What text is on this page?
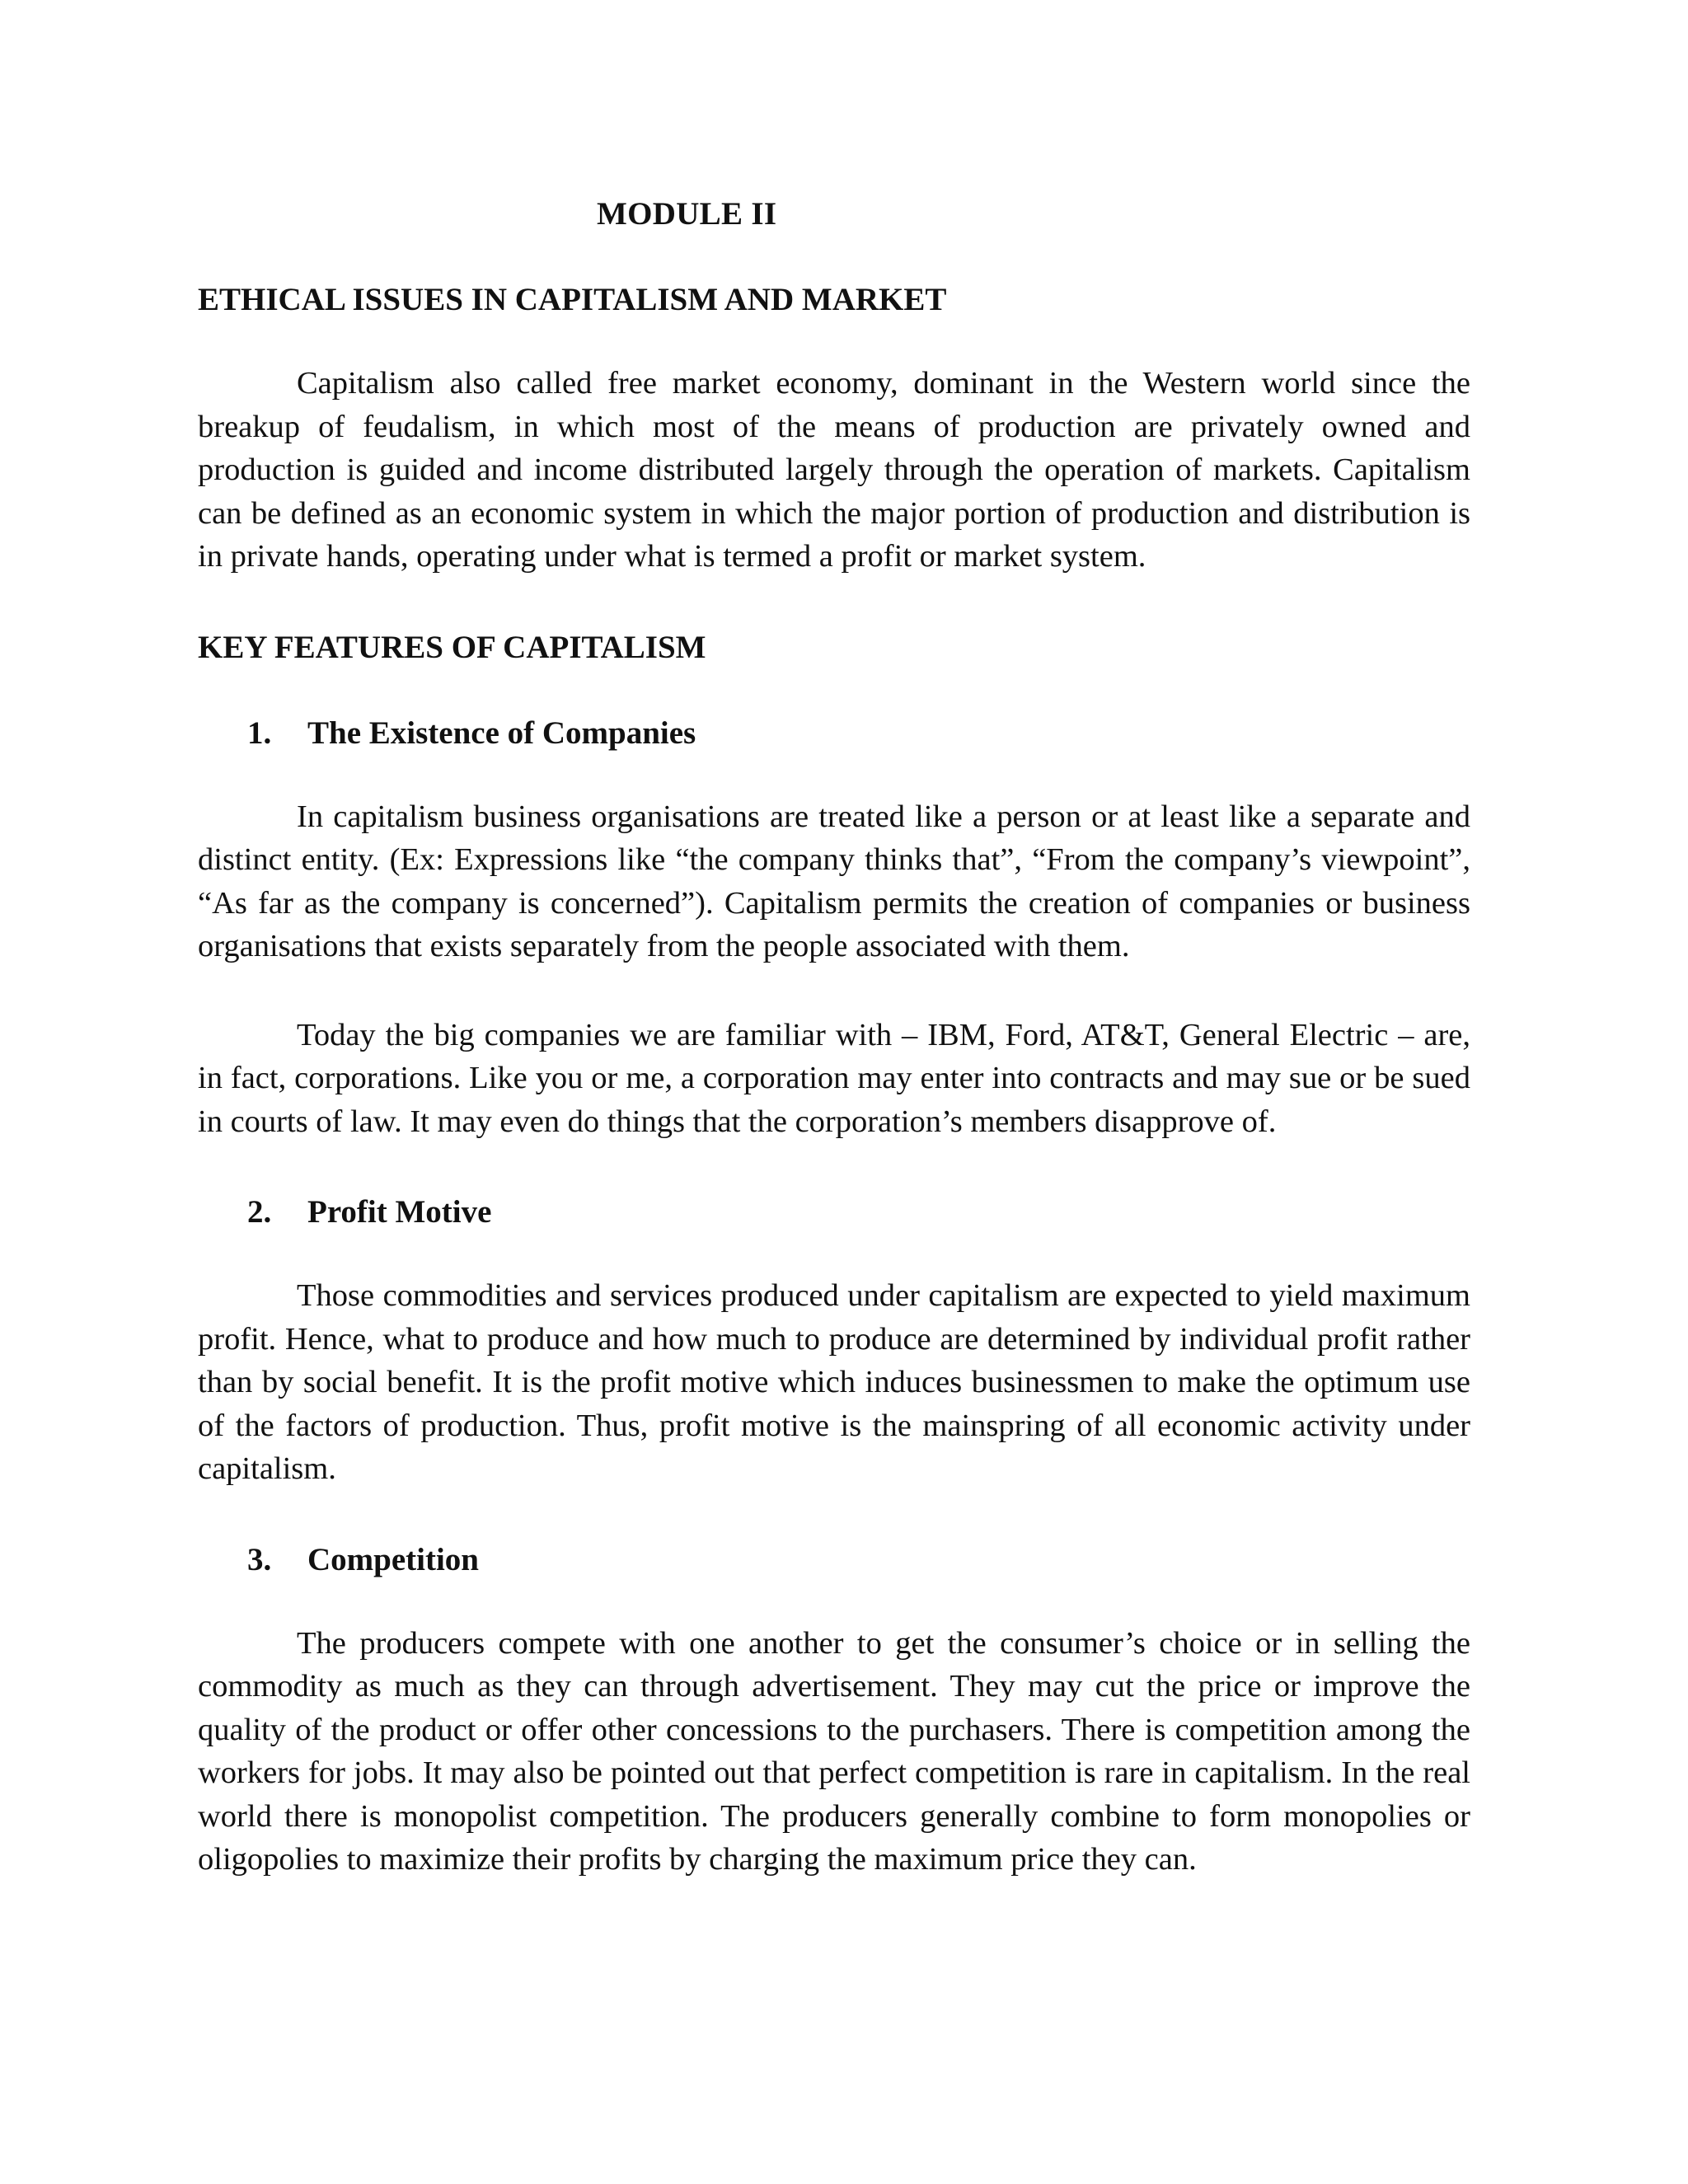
MODULE II
ETHICAL ISSUES IN CAPITALISM AND MARKET

Capitalism also called free market economy, dominant in the Western world since the breakup of feudalism, in which most of the means of production are privately owned and production is guided and income distributed largely through the operation of markets. Capitalism can be defined as an economic system in which the major portion of production and distribution is in private hands, operating under what is termed a profit or market system.

KEY FEATURES OF CAPITALISM
1.	The Existence of Companies

In capitalism business organisations are treated like a person or at least like a separate and distinct entity. (Ex: Expressions like “the company thinks that”, “From the company’s viewpoint”, “As far as the company is concerned”). Capitalism permits the creation of companies or business organisations that exists separately from the people associated with them.

Today the big companies we are familiar with – IBM, Ford, AT&T, General Electric – are, in fact, corporations. Like you or me, a corporation may enter into contracts and may sue or be sued in courts of law. It may even do things that the corporation’s members disapprove of.

2.	Profit Motive

Those commodities and services produced under capitalism are expected to yield maximum profit. Hence, what to produce and how much to produce are determined by individual profit rather than by social benefit. It is the profit motive which induces businessmen to make the optimum use of the factors of production. Thus, profit motive is the mainspring of all economic activity under capitalism.

3.	Competition

The producers compete with one another to get the consumer’s choice or in selling the commodity as much as they can through advertisement. They may cut the price or improve the quality of the product or offer other concessions to the purchasers. There is competition among the workers for jobs. It may also be pointed out that perfect competition is rare in capitalism. In the real world there is monopolist competition. The producers generally combine to form monopolies or oligopolies to maximize their profits by charging the maximum price they can.
